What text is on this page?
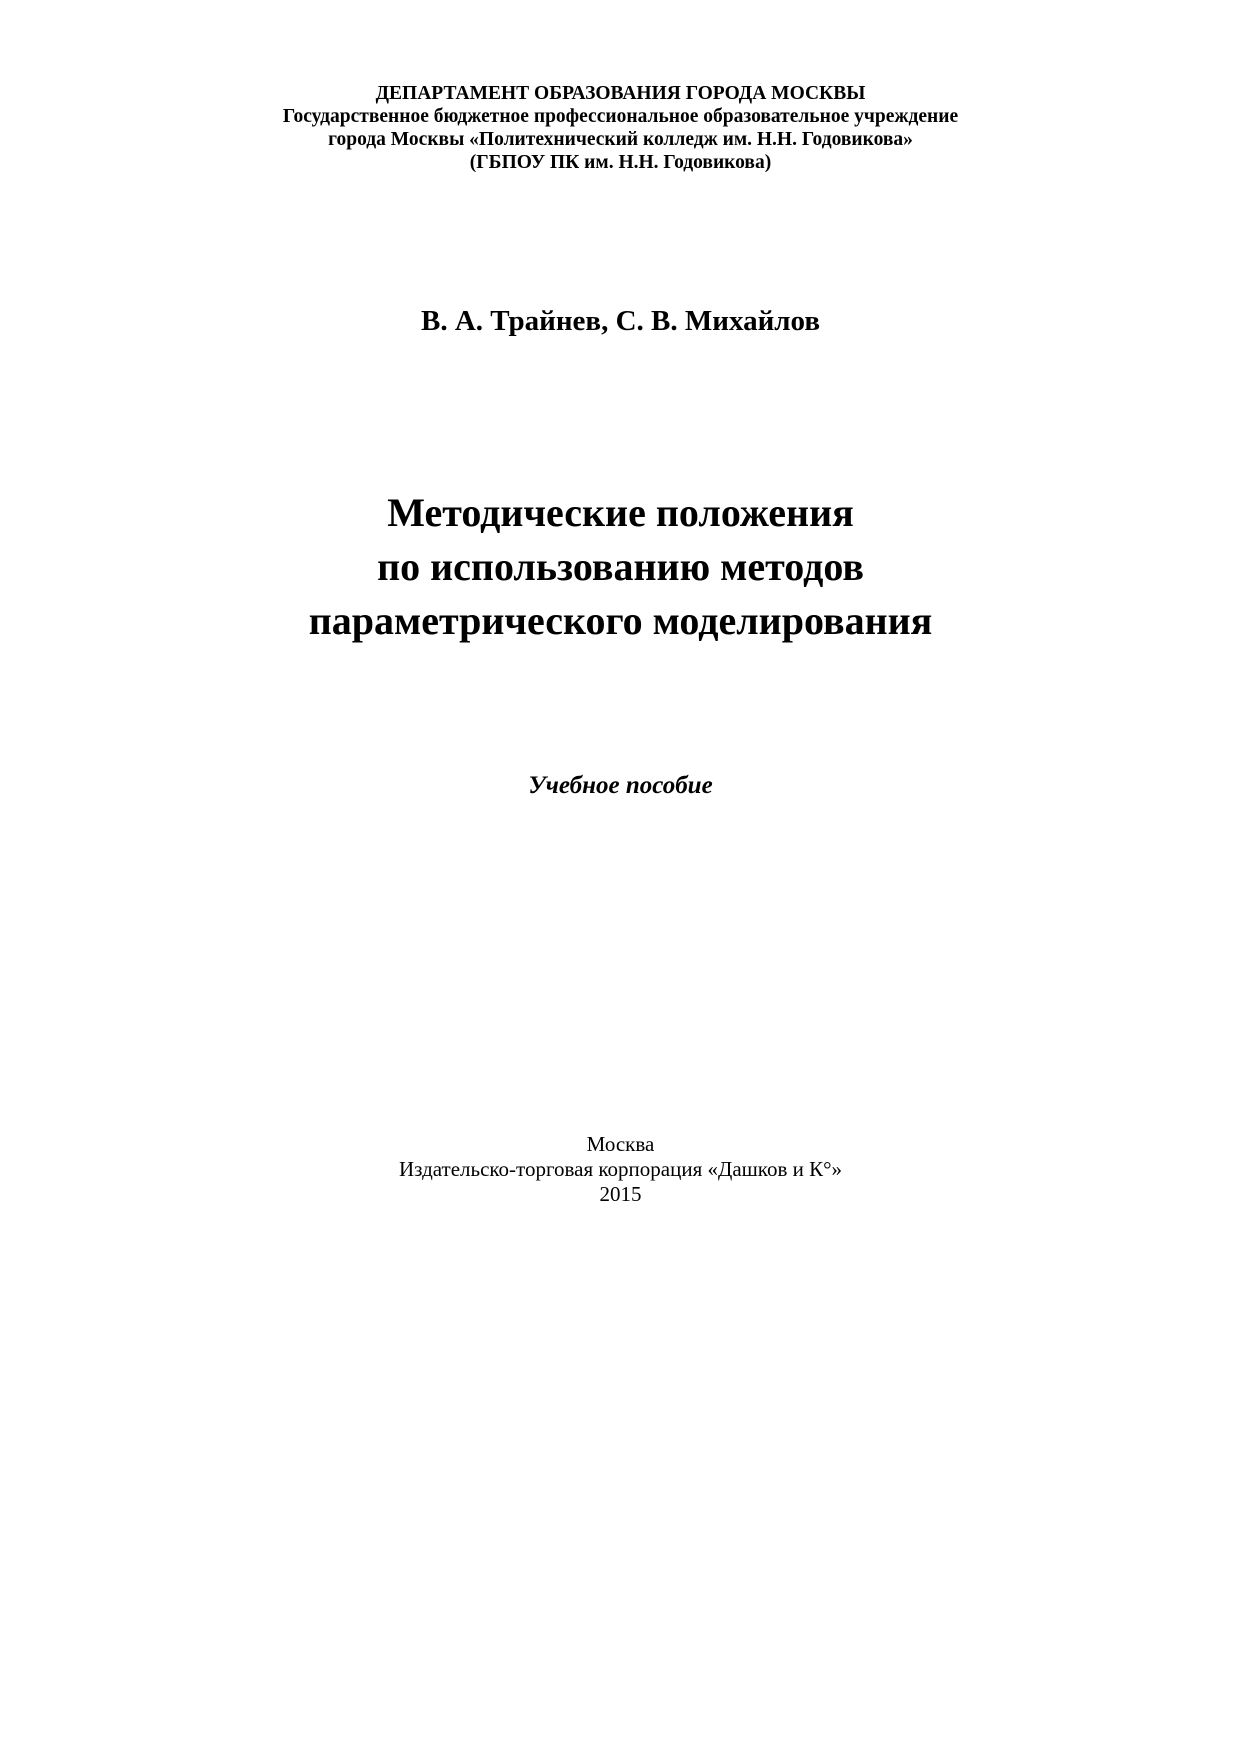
ДЕПАРТАМЕНТ ОБРАЗОВАНИЯ ГОРОДА МОСКВЫ
Государственное бюджетное профессиональное образовательное учреждение
города Москвы «Политехнический колледж им. Н.Н. Годовикова»
(ГБПОУ ПК им. Н.Н. Годовикова)
В. А. Трайнев, С. В. Михайлов
Методические положения
по использованию методов
параметрического моделирования
Учебное пособие
Москва
Издательско-торговая корпорация «Дашков и К°»
2015
